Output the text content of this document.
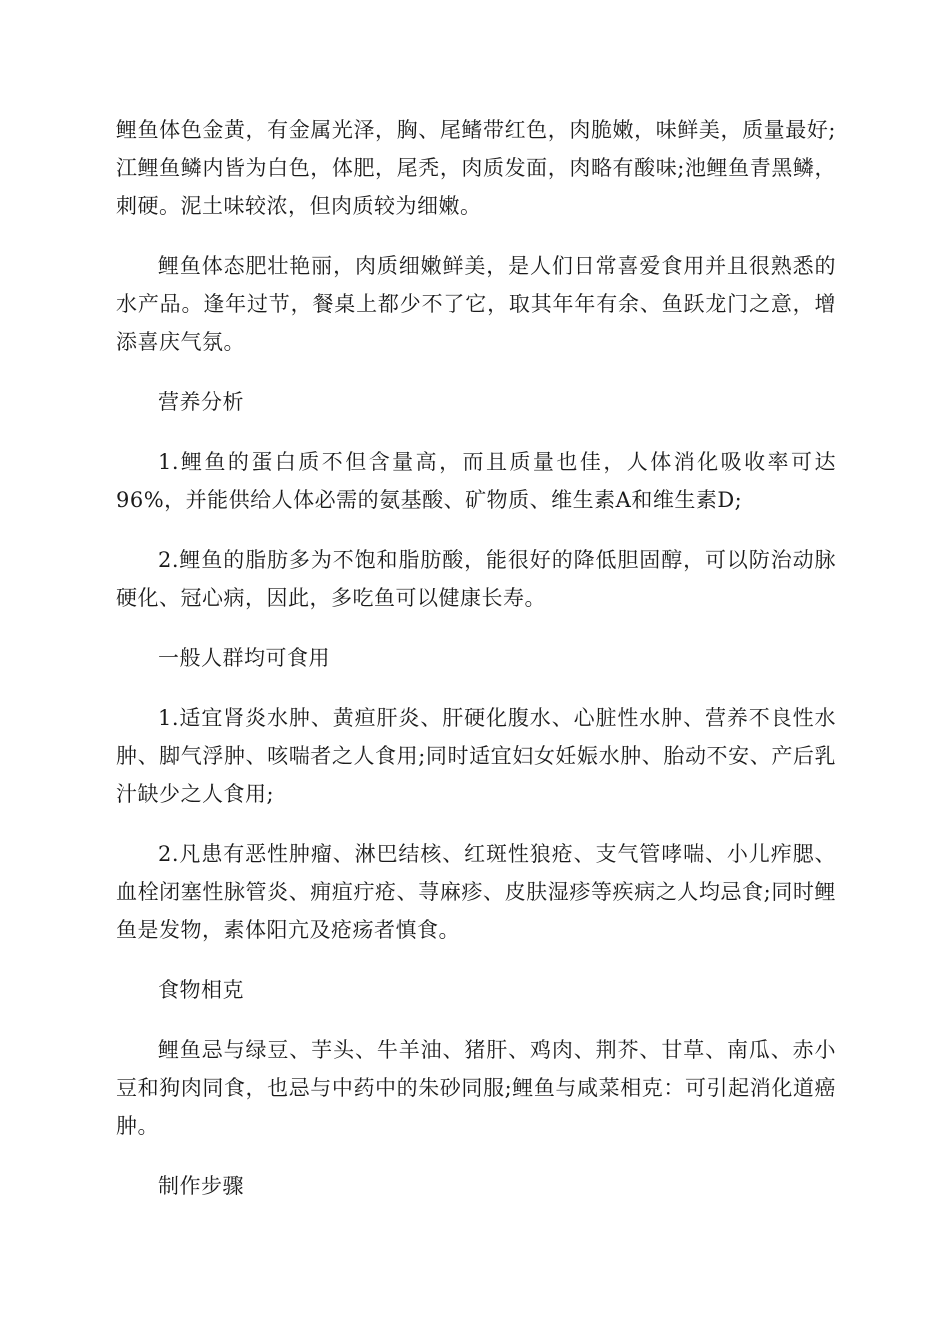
鲤鱼体色金黄，有金属光泽，胸、尾鳍带红色，肉脆嫩，味鲜美，质量最好;江鲤鱼鳞内皆为白色，体肥，尾秃，肉质发面，肉略有酸味;池鲤鱼青黑鳞，刺硬。泥土味较浓，但肉质较为细嫩。

鲤鱼体态肥壮艳丽，肉质细嫩鲜美，是人们日常喜爱食用并且很熟悉的水产品。逢年过节，餐桌上都少不了它，取其年年有余、鱼跃龙门之意，增添喜庆气氛。

营养分析

1.鲤鱼的蛋白质不但含量高，而且质量也佳，人体消化吸收率可达96%，并能供给人体必需的氨基酸、矿物质、维生素A和维生素D;

2.鲤鱼的脂肪多为不饱和脂肪酸，能很好的降低胆固醇，可以防治动脉硬化、冠心病，因此，多吃鱼可以健康长寿。

一般人群均可食用

1.适宜肾炎水肿、黄疸肝炎、肝硬化腹水、心脏性水肿、营养不良性水肿、脚气浮肿、咳喘者之人食用;同时适宜妇女妊娠水肿、胎动不安、产后乳汁缺少之人食用;

2.凡患有恶性肿瘤、淋巴结核、红斑性狼疮、支气管哮喘、小儿痄腮、血栓闭塞性脉管炎、痈疽疔疮、荨麻疹、皮肤湿疹等疾病之人均忌食;同时鲤鱼是发物，素体阳亢及疮疡者慎食。

食物相克

鲤鱼忌与绿豆、芋头、牛羊油、猪肝、鸡肉、荆芥、甘草、南瓜、赤小豆和狗肉同食，也忌与中药中的朱砂同服;鲤鱼与咸菜相克：可引起消化道癌肿。

制作步骤
